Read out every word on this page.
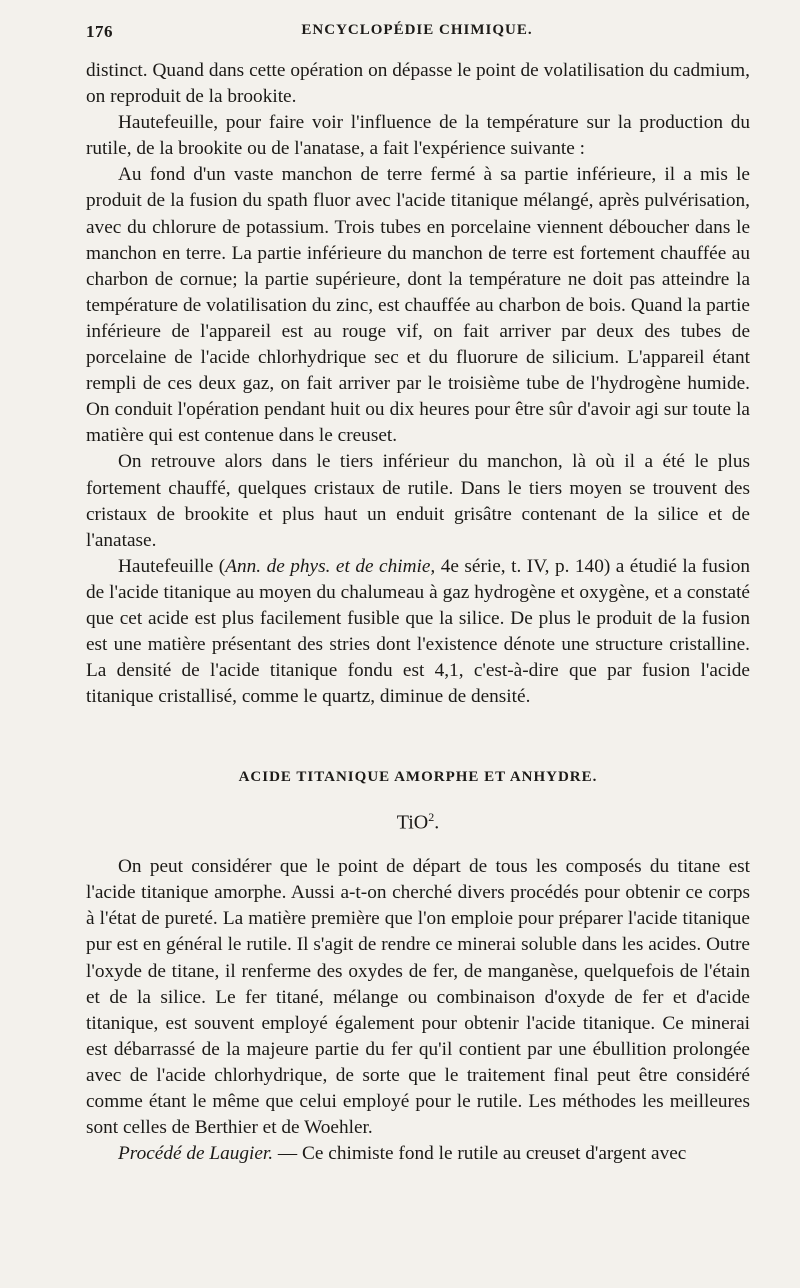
176	ENCYCLOPÉDIE CHIMIQUE.

distinct. Quand dans cette opération on dépasse le point de volatilisation du cadmium, on reproduit de la brookite.

Hautefeuille, pour faire voir l'influence de la température sur la production du rutile, de la brookite ou de l'anatase, a fait l'expérience suivante :

Au fond d'un vaste manchon de terre fermé à sa partie inférieure, il a mis le produit de la fusion du spath fluor avec l'acide titanique mélangé, après pulvérisation, avec du chlorure de potassium. Trois tubes en porcelaine viennent déboucher dans le manchon en terre. La partie inférieure du manchon de terre est fortement chauffée au charbon de cornue; la partie supérieure, dont la température ne doit pas atteindre la température de volatilisation du zinc, est chauffée au charbon de bois. Quand la partie inférieure de l'appareil est au rouge vif, on fait arriver par deux des tubes de porcelaine de l'acide chlorhydrique sec et du fluorure de silicium. L'appareil étant rempli de ces deux gaz, on fait arriver par le troisième tube de l'hydrogène humide. On conduit l'opération pendant huit ou dix heures pour être sûr d'avoir agi sur toute la matière qui est contenue dans le creuset.

On retrouve alors dans le tiers inférieur du manchon, là où il a été le plus fortement chauffé, quelques cristaux de rutile. Dans le tiers moyen se trouvent des cristaux de brookite et plus haut un enduit grisâtre contenant de la silice et de l'anatase.

Hautefeuille (Ann. de phys. et de chimie, 4e série, t. IV, p. 140) a étudié la fusion de l'acide titanique au moyen du chalumeau à gaz hydrogène et oxygène, et a constaté que cet acide est plus facilement fusible que la silice. De plus le produit de la fusion est une matière présentant des stries dont l'existence dénote une structure cristalline. La densité de l'acide titanique fondu est 4,1, c'est-à-dire que par fusion l'acide titanique cristallisé, comme le quartz, diminue de densité.

ACIDE TITANIQUE AMORPHE ET ANHYDRE.

TiO$^2$.

On peut considérer que le point de départ de tous les composés du titane est l'acide titanique amorphe. Aussi a-t-on cherché divers procédés pour obtenir ce corps à l'état de pureté. La matière première que l'on emploie pour préparer l'acide titanique pur est en général le rutile. Il s'agit de rendre ce minerai soluble dans les acides. Outre l'oxyde de titane, il renferme des oxydes de fer, de manganèse, quelquefois de l'étain et de la silice. Le fer titané, mélange ou combinaison d'oxyde de fer et d'acide titanique, est souvent employé également pour obtenir l'acide titanique. Ce minerai est débarrassé de la majeure partie du fer qu'il contient par une ébullition prolongée avec de l'acide chlorhydrique, de sorte que le traitement final peut être considéré comme étant le même que celui employé pour le rutile. Les méthodes les meilleures sont celles de Berthier et de Woehler.

Procédé de Laugier. — Ce chimiste fond le rutile au creuset d'argent avec
